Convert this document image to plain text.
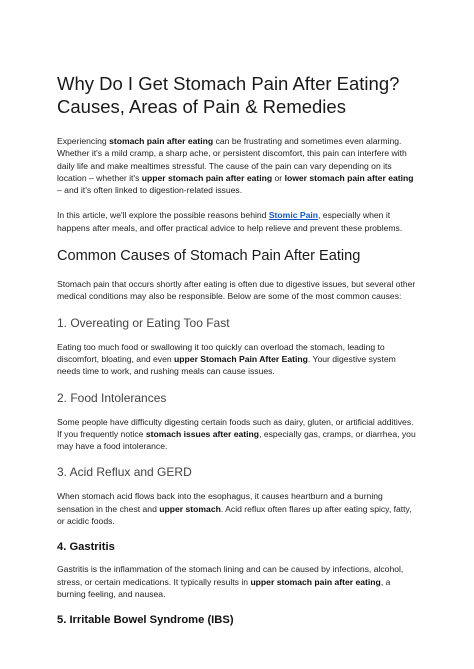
Why Do I Get Stomach Pain After Eating? Causes, Areas of Pain & Remedies

Experiencing stomach pain after eating can be frustrating and sometimes even alarming. Whether it's a mild cramp, a sharp ache, or persistent discomfort, this pain can interfere with daily life and make mealtimes stressful. The cause of the pain can vary depending on its location – whether it's upper stomach pain after eating or lower stomach pain after eating – and it's often linked to digestion-related issues.

In this article, we'll explore the possible reasons behind Stomic Pain, especially when it happens after meals, and offer practical advice to help relieve and prevent these problems.

Common Causes of Stomach Pain After Eating

Stomach pain that occurs shortly after eating is often due to digestive issues, but several other medical conditions may also be responsible. Below are some of the most common causes:

1. Overeating or Eating Too Fast

Eating too much food or swallowing it too quickly can overload the stomach, leading to discomfort, bloating, and even upper Stomach Pain After Eating. Your digestive system needs time to work, and rushing meals can cause issues.

2. Food Intolerances

Some people have difficulty digesting certain foods such as dairy, gluten, or artificial additives. If you frequently notice stomach issues after eating, especially gas, cramps, or diarrhea, you may have a food intolerance.

3. Acid Reflux and GERD

When stomach acid flows back into the esophagus, it causes heartburn and a burning sensation in the chest and upper stomach. Acid reflux often flares up after eating spicy, fatty, or acidic foods.

4. Gastritis

Gastritis is the inflammation of the stomach lining and can be caused by infections, alcohol, stress, or certain medications. It typically results in upper stomach pain after eating, a burning feeling, and nausea.

5. Irritable Bowel Syndrome (IBS)
